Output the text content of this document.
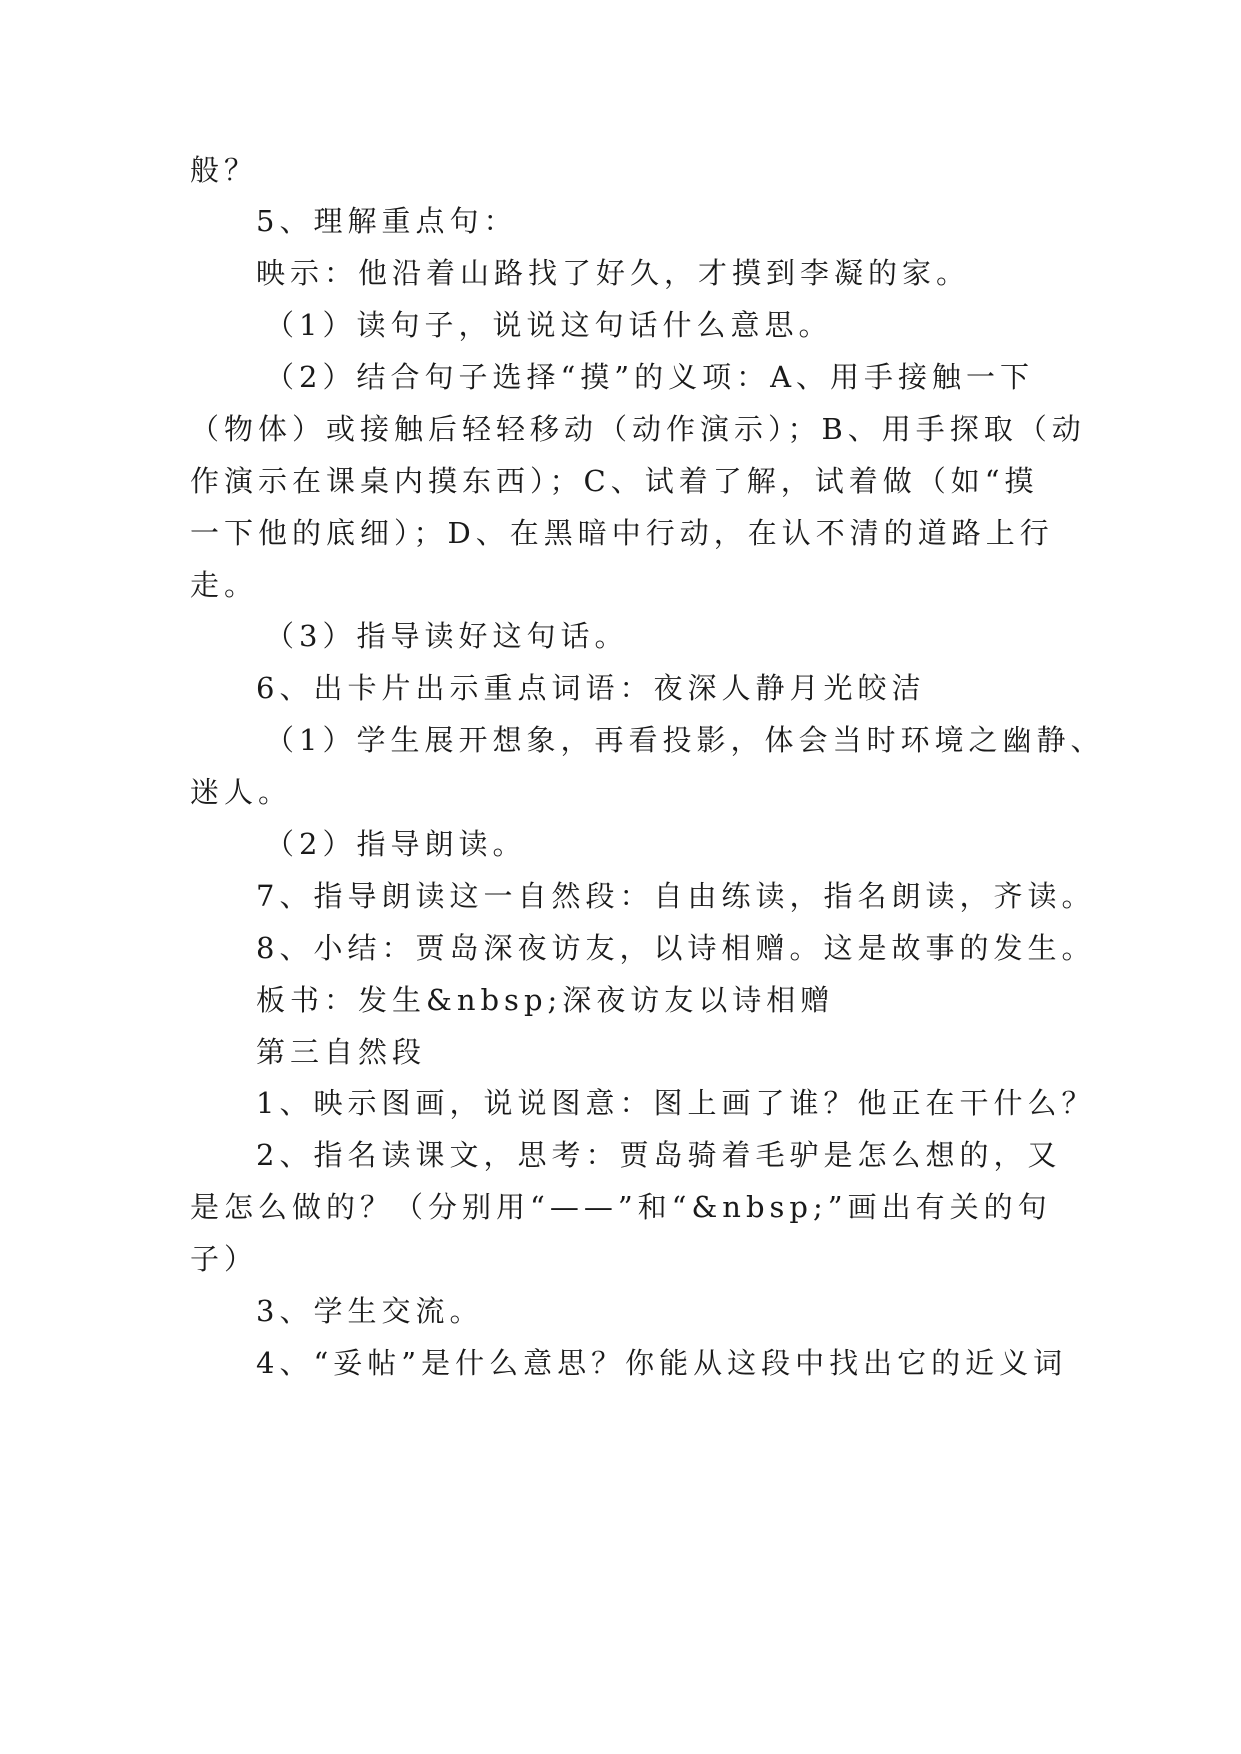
般？
5、理解重点句：
映示：他沿着山路找了好久，才摸到李凝的家。
（1）读句子，说说这句话什么意思。
（2）结合句子选择“摸”的义项：A、用手接触一下
（物体）或接触后轻轻移动（动作演示）；B、用手探取（动
作演示在课桌内摸东西）；C、试着了解，试着做（如“摸
一下他的底细）；D、在黑暗中行动，在认不清的道路上行
走。
（3）指导读好这句话。
6、出卡片出示重点词语：夜深人静月光皎洁
（1）学生展开想象，再看投影，体会当时环境之幽静、
迷人。
（2）指导朗读。
7、指导朗读这一自然段：自由练读，指名朗读，齐读。
8、小结：贾岛深夜访友，以诗相赠。这是故事的发生。
板书：发生&nbsp;深夜访友以诗相赠
第三自然段
1、映示图画，说说图意：图上画了谁？他正在干什么？
2、指名读课文，思考：贾岛骑着毛驴是怎么想的，又
是怎么做的？（分别用“——”和“&nbsp;”画出有关的句
子）
3、学生交流。
4、“妥帖”是什么意思？你能从这段中找出它的近义词
